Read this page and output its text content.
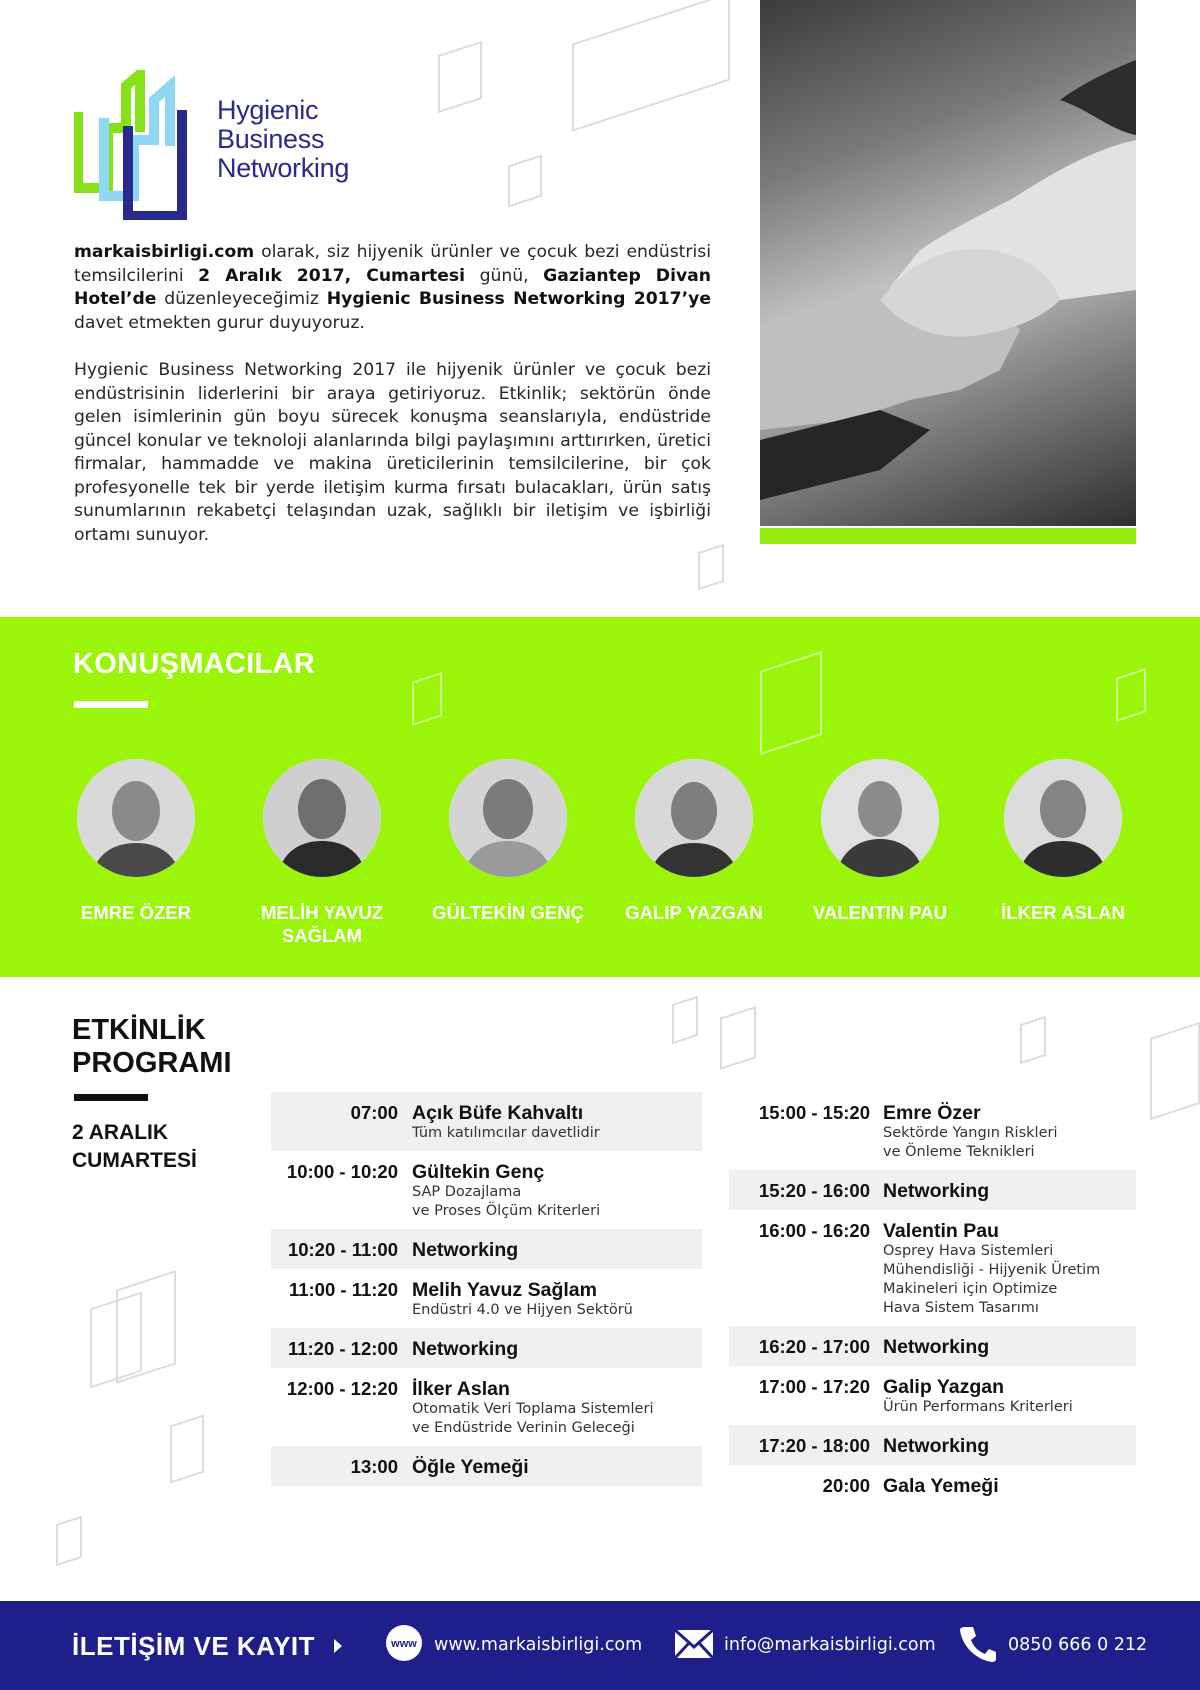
Hygienic
Business
Networking

markaisbirligi.com olarak, siz hijyenik ürünler ve çocuk bezi endüstrisi temsilcilerini 2 Aralık 2017, Cumartesi günü, Gaziantep Divan Hotel’de düzenleyeceğimiz Hygienic Business Networking 2017’ye davet etmekten gurur duyuyoruz.

Hygienic Business Networking 2017 ile hijyenik ürünler ve çocuk bezi endüstrisinin liderlerini bir araya getiriyoruz. Etkinlik; sektörün önde gelen isimlerinin gün boyu sürecek konuşma seanslarıyla, endüstride güncel konular ve teknoloji alanlarında bilgi paylaşımını arttırırken, üretici firmalar, hammadde ve makina üreticilerinin temsilcilerine, bir çok profesyonelle tek bir yerde iletişim kurma fırsatı bulacakları, ürün satış sunumlarının rekabetçi telaşından uzak, sağlıklı bir iletişim ve işbirliği ortamı sunuyor.

KONUŞMACILAR
EMRE ÖZER	MELİH YAVUZ SAĞLAM
GÜLTEKİN GENÇ	GALIP YAZGAN	VALENTIN PAU	İLKER ASLAN
ETKİNLİK
PROGRAMI
2 ARALIK
CUMARTESİ
07:00 Açık Büfe Kahvaltı
Tüm katılımcılar davetlidir
10:00 - 10:20 Gültekin Genç
SAP Dozajlama
ve Proses Ölçüm Kriterleri
10:20 - 11:00 Networking
11:00 - 11:20 Melih Yavuz Sağlam
Endüstri 4.0 ve Hijyen Sektörü
11:20 - 12:00 Networking
12:00 - 12:20 İlker Aslan
Otomatik Veri Toplama Sistemleri
ve Endüstride Verinin Geleceği
13:00 Öğle Yemeği
15:00 - 15:20 Emre Özer
Sektörde Yangın Riskleri
ve Önleme Teknikleri
15:20 - 16:00 Networking
16:00 - 16:20 Valentin Pau
Osprey Hava Sistemleri
Mühendisliği - Hijyenik Üretim
Makineleri için Optimize
Hava Sistem Tasarımı
16:20 - 17:00 Networking
17:00 - 17:20 Galip Yazgan
Ürün Performans Kriterleri
17:20 - 18:00 Networking
20:00 Gala Yemeği
İLETİŞİM VE KAYIT	www www.markaisbirligi.com	info@markaisbirligi.com	0850 666 0 212
